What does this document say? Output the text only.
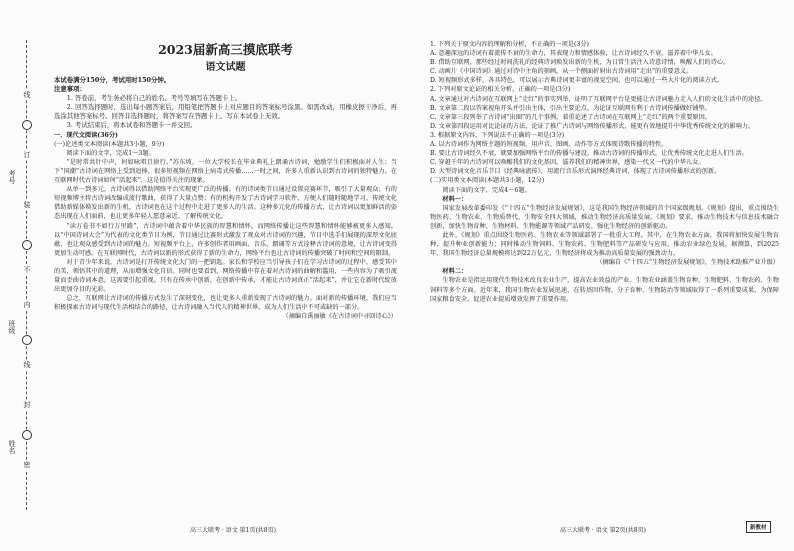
考号
班级
姓名
线
订
装
不
内
线
封
密
2023届新高三摸底联考
语文试题

本试卷满分150分，考试用时150分钟。

注意事项：

1. 答卷前，考生务必将自己的姓名、考号等填写在答题卡上。

2. 回答选择题时，选出每小题答案后，用铅笔把答题卡上对应题目的答案标号涂黑。如需改动，用橡皮擦干净后，再选涂其他答案标号。回答非选择题时，将答案写在答题卡上。写在本试卷上无效。

3. 考试结束后，将本试卷和答题卡一并交回。

一、现代文阅读(36分)

(一)论述类文本阅读(本题共3小题，9分)

阅读下面的文字，完成1～3题。

“是时常共针中声，何如咏唱且徐行。”苏东坡，一位大学校长在毕业典礼上朗诵古诗词，勉励学生们积极面对人生；当下“国潮”古诗词在网络上受到追捧，很多短视频在网络上病毒式传播……一时之间，许多人重新认识到古诗词的独特魅力。在互联网时代古诗词如何“活起来”，这是值得关注的现象。

从单一到多元，古诗词得以借助网络平台实现更广泛的传播。有的诗词类节目通过设置竞赛环节，吸引了大量观众；有的短视频博主将古诗词改编成流行歌曲，获得了大量点赞；有的机构开发了古诗词学习软件，方便人们随时随地学习。传统文化借助新媒体焕发出新的生机，古诗词也在这个过程中走进了更多人的生活。这种多元化的传播方式，让古诗词以更加鲜活的姿态出现在人们面前，也让更多年轻人愿意亲近、了解传统文化。

“读万卷书不如行万里路”，古诗词中蕴含着中华民族的智慧和情怀，而网络传播让这些智慧和情怀能够被更多人感知。以“中国诗词大会”为代表的文化类节目为例，节目通过比赛形式激发了观众对古诗词的兴趣，节目中选手们展现的深厚文化底蕴，也让观众感受到古诗词的魅力。短视频平台上，许多创作者用画面、音乐、朗诵等方式诠释古诗词的意境，让古诗词变得更加生动可感。在互联网时代，古诗词以新的形式获得了新的生命力，网络平台也让古诗词的传播突破了时间和空间的限制。

对于青少年来说，古诗词是打开传统文化大门的一把钥匙。家长和学校应当引导孩子们在学习古诗词的过程中，感受其中的美，领悟其中的道理，从而增强文化自信。同时也要看到，网络传播中存在着对古诗词的曲解和滥用，一些内容为了吸引流量而歪曲诗词本意，这需要引起重视。只有在传承中创新，在创新中传承，才能让古诗词真正“活起来”，并让它在新时代绽放出更加夺目的光彩。

总之，互联网让古诗词的传播方式发生了深刻变化，也让更多人重新发现了古诗词的魅力。面对新的传播环境，我们应当积极探索古诗词与现代生活相结合的路径，让古诗词融入当代人的精神世界，成为人们生活中不可或缺的一部分。

（摘编自禹丽敏《在古诗词中寻回诗心》）

1. 下列关于原文内容的理解和分析，不正确的一项是(3分)

A. 意趣深远的诗词有着流传不衰的生命力，其表现力和情感体验，让古诗词经久不衰，滋养着中华儿女。

B. 借助互联网，那些经过时间洗礼的经典诗词焕发出新的生机，为日常生活注入诗意诗情，唤醒人们的诗心。

C. 动画片《中国诗词》通过对诗中主角的刻画，从一个侧面折射出古诗词用“走出”的重要意义。

D. 短视频形式多样，各具特色，可以展示古典诗词更丰富的视觉空间，也可以通过一些大片化的阅读方式。

2. 下列对原文论证的相关分析，正确的一项是(3分)

A. 文章通过对古诗词在互联网上“走红”的事实列举，证明了互联网平台是更能让古诗词魅力走入人们的文化生活中的途径。

B. 文章第二段以答案视角开头并引出主体，引出主要论点，为论证互联网有利于古诗词传播做好铺垫。

C. 文章第三段列举了古诗词“出圈”的几个事例，着重论述了古诗词在互联网上“走红”的两个重要原因。

D. 文章第四段运用对比论证的方法，论证了推广古诗词与网络传播形式，能更有效地提升中华优秀传统文化的影响力。

3. 根据原文内容，下列说法不正确的一项是(3分)

A. 以古诗词作为网络主题的短视频，用声音、图画、动作等方式体现诗歌传播的特性。

B. 要让古诗词经久不衰，就要加强网络平台的传播与建设，推动古诗词的传播形式，让优秀传统文化走进人们生活。

C. 穿越千年的古诗词可以唤醒我们的文化基因，滋养我们的精神世界，感染一代又一代的中华儿女。

D. 大型诗词文化音乐节目《经典咏流传》，用流行音乐形式演绎经典诗词，体现了古诗词传播形式的创新。

(二)实用类文本阅读(本题共3小题，12分)

阅读下面的文字，完成4～6题。

材料一：

国家发展改革委印发《“十四五”生物经济发展规划》，这是我国生物经济领域的首个国家级规划。《规划》提出，重点围绕生物医药、生物农业、生物质替代、生物安全四大领域，推动生物经济高质量发展。《规划》要求，推动生物技术与信息技术融合创新，加快生物育种、生物材料、生物能源等领域产品研发，强化生物经济的创新驱动。

此外，《规划》重点围绕生物医药、生物农业等领域部署了一批重大工程。其中，在生物农业方面，我国将加快发展生物育种，提升种业创新能力；同时推动生物饲料、生物农药、生物肥料等产品研发与应用，推动农业绿色发展。据测算，到2025年，我国生物经济总量规模将达到22万亿元，生物经济将成为推动高质量发展的强劲动力。

（摘编自《“十四五”生物经济发展规划》，生物技术助推产业升级）

材料二：

生物农业是指运用现代生物技术改良农业生产，提高农业效益的产业。生物农业涵盖生物育种、生物肥料、生物农药、生物饲料等多个方面。近年来，我国生物农业发展迅速，在转基因作物、分子育种、生物防治等领域取得了一系列重要成果，为保障国家粮食安全、促进农业提质增效发挥了重要作用。

高三大联考 · 语文 第1页(共8页)	高三大联考 · 语文 第2页(共8页)	新教材
